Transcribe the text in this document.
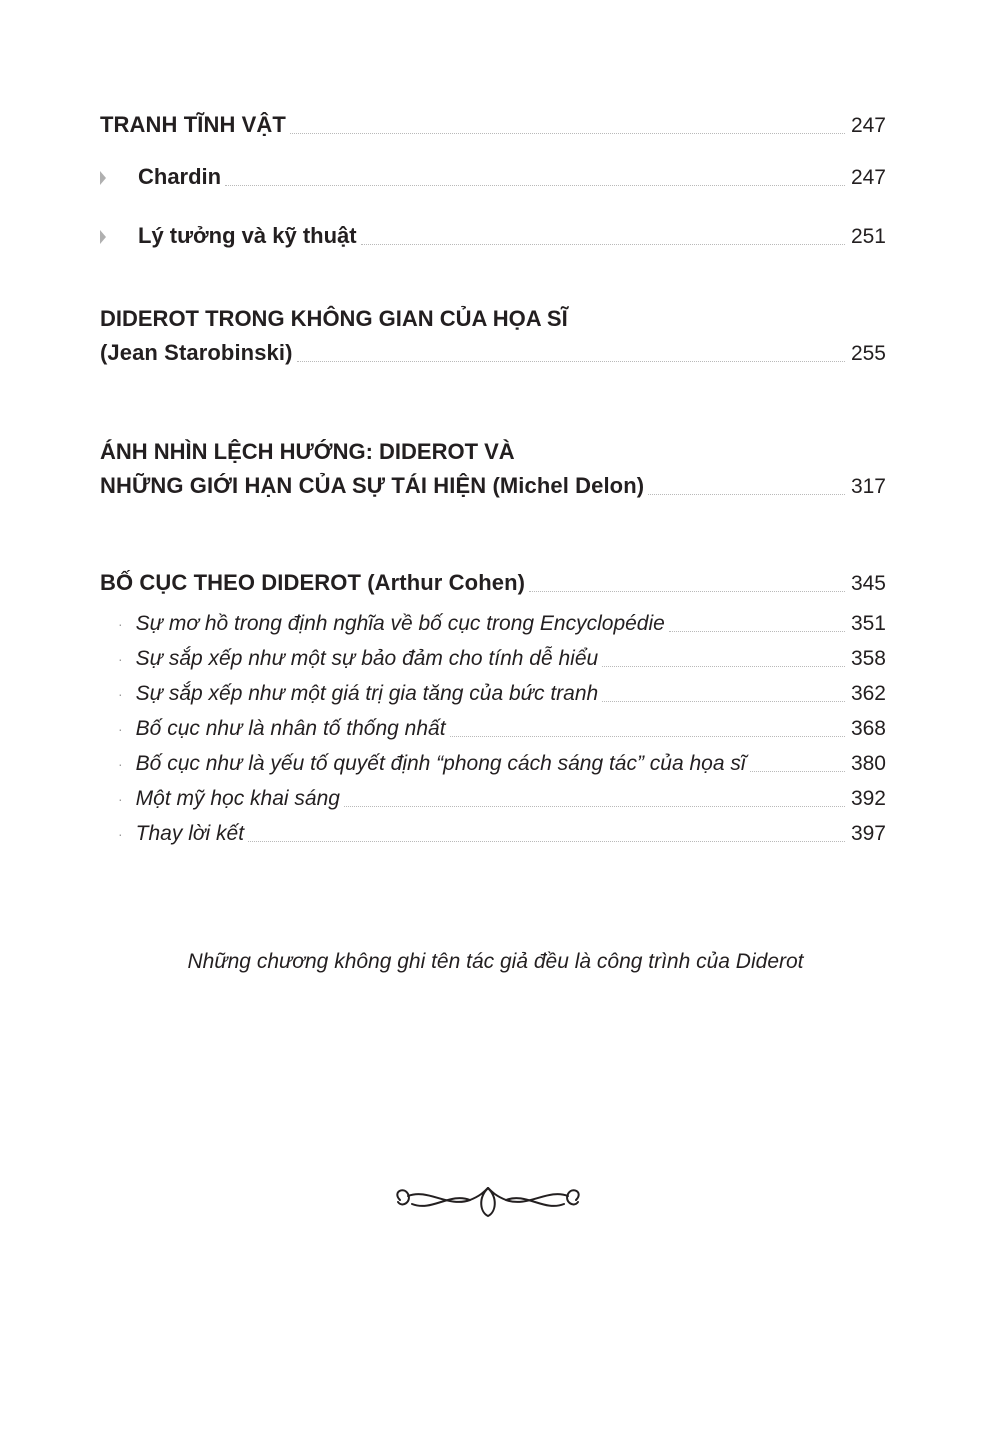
TRANH TĨNH VẬT	247
Chardin	247
Lý tưởng và kỹ thuật	251
DIDEROT TRONG KHÔNG GIAN CỦA HỌA SĨ
(Jean Starobinski)	255
ÁNH NHÌN LỆCH HƯỚNG: DIDEROT VÀ
NHỮNG GIỚI HẠN CỦA SỰ TÁI HIỆN (Michel Delon)	317
BỐ CỤC THEO DIDEROT (Arthur Cohen)	345
· Sự mơ hồ trong định nghĩa về bố cục trong Encyclopédie	351
· Sự sắp xếp như một sự bảo đảm cho tính dễ hiểu	358
· Sự sắp xếp như một giá trị gia tăng của bức tranh	362
· Bố cục như là nhân tố thống nhất	368
· Bố cục như là yếu tố quyết định “phong cách sáng tác” của họa sĩ	380
· Một mỹ học khai sáng	392
· Thay lời kết	397
Những chương không ghi tên tác giả đều là công trình của Diderot
